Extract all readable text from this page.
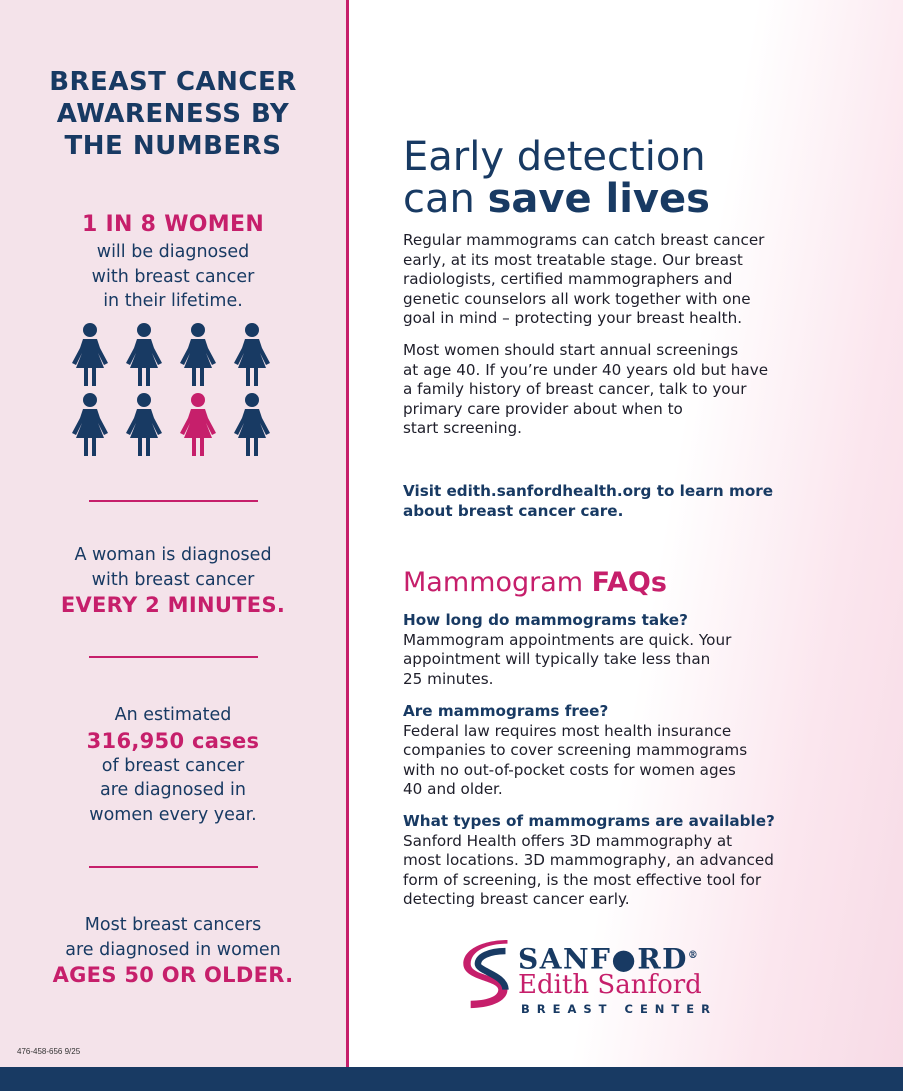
BREAST CANCER
AWARENESS BY
THE NUMBERS
1 IN 8 WOMEN
will be diagnosed
with breast cancer
in their lifetime.
A woman is diagnosed
with breast cancer
EVERY 2 MINUTES.
An estimated
316,950 cases
of breast cancer
are diagnosed in
women every year.
Most breast cancers
are diagnosed in women
AGES 50 OR OLDER.
476-458-656 9/25
Early detection
can save lives
Regular mammograms can catch breast cancer
early, at its most treatable stage. Our breast
radiologists, certified mammographers and
genetic counselors all work together with one
goal in mind – protecting your breast health.
Most women should start annual screenings
at age 40. If you’re under 40 years old but have
a family history of breast cancer, talk to your
primary care provider about when to
start screening.
Visit edith.sanfordhealth.org to learn more
about breast cancer care.
Mammogram FAQs
How long do mammograms take?
Mammogram appointments are quick. Your
appointment will typically take less than
25 minutes.
Are mammograms free?
Federal law requires most health insurance
companies to cover screening mammograms
with no out-of-pocket costs for women ages
40 and older.
What types of mammograms are available?
Sanford Health offers 3D mammography at
most locations. 3D mammography, an advanced
form of screening, is the most effective tool for
detecting breast cancer early.
SANF●RD®
Edith Sanford
BREAST CENTER
